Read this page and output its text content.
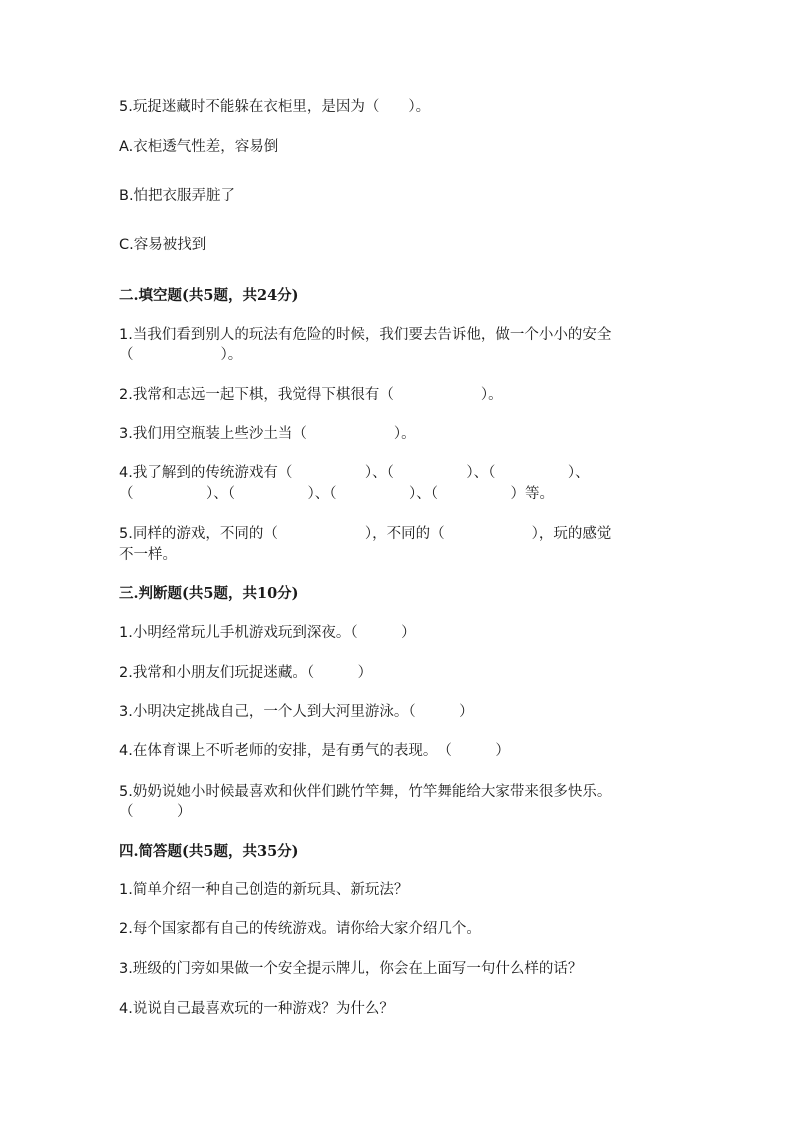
5.玩捉迷藏时不能躲在衣柜里，是因为（　　）。
A.衣柜透气性差，容易倒
B.怕把衣服弄脏了
C.容易被找到
二.填空题(共5题，共24分)
1.当我们看到别人的玩法有危险的时候，我们要去告诉他，做一个小小的安全
（　　　　　　）。
2.我常和志远一起下棋，我觉得下棋很有（　　　　　　）。
3.我们用空瓶装上些沙土当（　　　　　　）。
4.我了解到的传统游戏有（　　　　　）、（　　　　　）、（　　　　　）、
（　　　　　）、（　　　　　）、（　　　　　）、（　　　　　）等。
5.同样的游戏，不同的（　　　　　　），不同的（　　　　　　），玩的感觉
不一样。
三.判断题(共5题，共10分)
1.小明经常玩儿手机游戏玩到深夜。（　　　）
2.我常和小朋友们玩捉迷藏。（　　　）
3.小明决定挑战自己，一个人到大河里游泳。（　　　）
4.在体育课上不听老师的安排，是有勇气的表现。　（　　　）
5.奶奶说她小时候最喜欢和伙伴们跳竹竿舞，竹竿舞能给大家带来很多快乐。
（　　　）
四.简答题(共5题，共35分)
1.简单介绍一种自己创造的新玩具、新玩法？
2.每个国家都有自己的传统游戏。请你给大家介绍几个。
3.班级的门旁如果做一个安全提示牌儿，你会在上面写一句什么样的话？
4.说说自己最喜欢玩的一种游戏？为什么？
